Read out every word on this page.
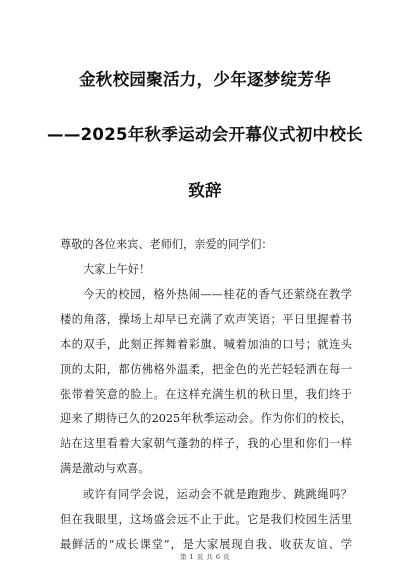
金秋校园聚活力，少年逐梦绽芳华
——2025年秋季运动会开幕仪式初中校长
致辞
尊敬的各位来宾、老师们，亲爱的同学们：
大家上午好！
今天的校园，格外热闹——桂花的香气还萦绕在教学
楼的角落，操场上却早已充满了欢声笑语；平日里握着书
本的双手，此刻正挥舞着彩旗、喊着加油的口号；就连头
顶的太阳，都仿佛格外温柔，把金色的光芒轻轻洒在每一
张带着笑意的脸上。在这样充满生机的秋日里，我们终于
迎来了期待已久的2025年秋季运动会。作为你们的校长，
站在这里看着大家朝气蓬勃的样子，我的心里和你们一样
满是激动与欢喜。
或许有同学会说，运动会不就是跑跑步、跳跳绳吗？
但在我眼里，这场盛会远不止于此。它是我们校园生活里
最鲜活的“成长课堂”，是大家展现自我、收获友谊、学
第 1 页 共 6 页
